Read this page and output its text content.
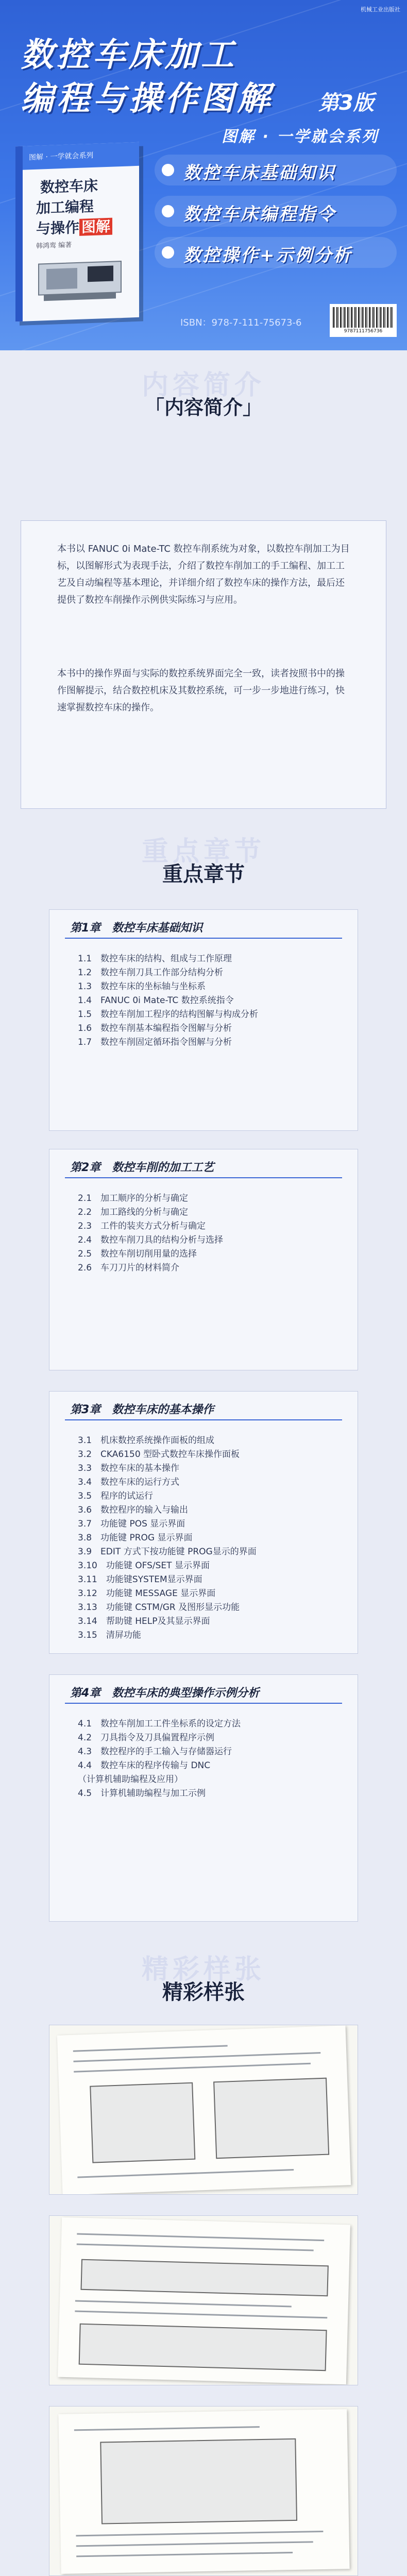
机械工业出版社
数控车床加工
编程与操作图解 第3版
图解 · 一学就会系列
图解 · 一学就会系列
数控车床
加工编程
与操作 图解
韩鸿鸾 编著
数控车床基础知识
数控车床编程指令
数控操作+示例分析
ISBN：978-7-111-75673-6
9787111756736
内容简介
「内容简介」

本书以 FANUC 0i Mate-TC 数控车削系统为对象，以数控车削加工为目标，以图解形式为表现手法，介绍了数控车削加工的手工编程、加工工艺及自动编程等基本理论，并详细介绍了数控车床的操作方法，最后还提供了数控车削操作示例供实际练习与应用。

本书中的操作界面与实际的数控系统界面完全一致，读者按照书中的操作图解提示，结合数控机床及其数控系统，可一步一步地进行练习，快速掌握数控车床的操作。

重点章节
重点章节
第1章　数控车床基础知识
1.1　数控车床的结构、组成与工作原理
1.2　数控车削刀具工作部分结构分析
1.3　数控车床的坐标轴与坐标系
1.4　FANUC 0i Mate-TC 数控系统指令
1.5　数控车削加工程序的结构图解与构成分析
1.6　数控车削基本编程指令图解与分析
1.7　数控车削固定循环指令图解与分析
第2章　数控车削的加工工艺
2.1　加工顺序的分析与确定
2.2　加工路线的分析与确定
2.3　工件的装夹方式分析与确定
2.4　数控车削刀具的结构分析与选择
2.5　数控车削切削用量的选择
2.6　车刀刀片的材料简介
第3章　数控车床的基本操作
3.1　机床数控系统操作面板的组成
3.2　CKA6150 型卧式数控车床操作面板
3.3　数控车床的基本操作
3.4　数控车床的运行方式
3.5　程序的试运行
3.6　数控程序的输入与输出
3.7　功能键 POS 显示界面
3.8　功能键 PROG 显示界面
3.9　EDIT 方式下按功能键 PROG显示的界面
3.10　功能键 OFS/SET 显示界面
3.11　功能键SYSTEM显示界面
3.12　功能键 MESSAGE 显示界面
3.13　功能键 CSTM/GR 及图形显示功能
3.14　帮助键 HELP及其显示界面
3.15　清屏功能
第4章　数控车床的典型操作示例分析
4.1　数控车削加工工件坐标系的设定方法
4.2　刀具指令及刀具偏置程序示例
4.3　数控程序的手工输入与存储器运行
4.4　数控车床的程序传输与 DNC
（计算机辅助编程及应用）
4.5　计算机辅助编程与加工示例
精彩样张
精彩样张
